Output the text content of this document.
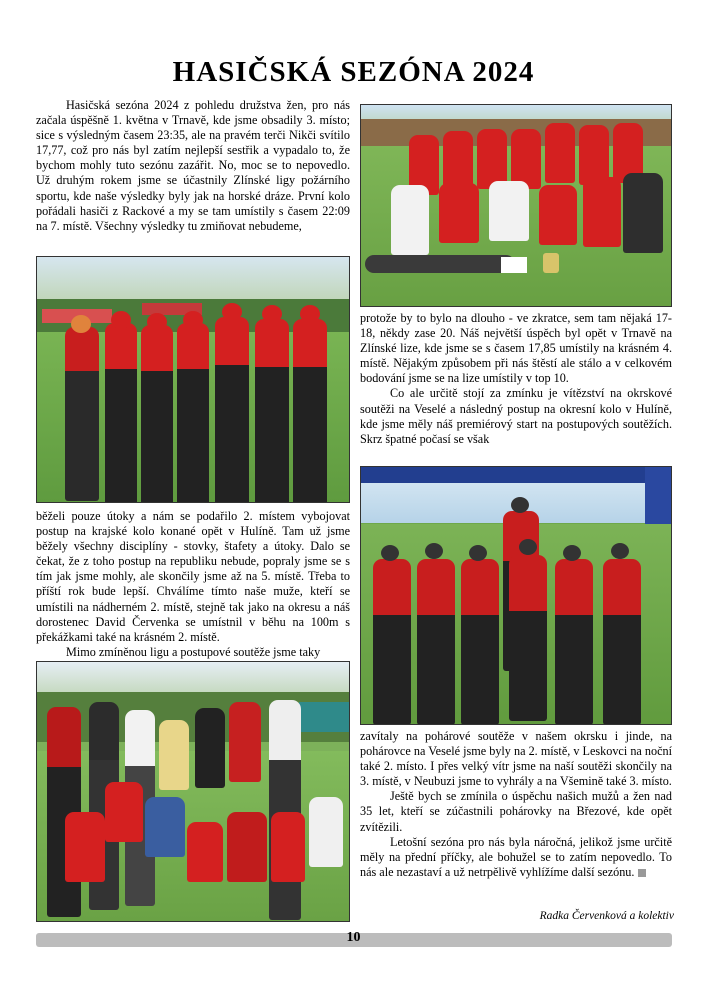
HASIČSKÁ SEZÓNA 2024

Hasičská sezóna 2024 z pohledu družstva žen, pro nás začala úspěšně 1. května v Trnavě, kde jsme obsadily 3. místo; sice s výsledným časem 23:35, ale na pravém terči Nikči svítilo 17,77, což pro nás byl zatím nejlepší sestřik a vypadalo to, že bychom mohly tuto sezónu zazářit. No, moc se to nepovedlo. Už druhým rokem jsme se účastnily Zlínské ligy požárního sportu, kde naše výsledky byly jak na horské dráze. První kolo pořádali hasiči z Rackové a my se tam umístily s časem 22:09 na 7. místě. Všechny výsledky tu zmiňovat nebudeme,

běželi pouze útoky a nám se podařilo 2. místem vybojovat postup na krajské kolo konané opět v Hulíně. Tam už jsme běžely všechny disciplíny - stovky, štafety a útoky. Dalo se čekat, že z toho postup na republiku nebude, popraly jsme se s tím jak jsme mohly, ale skončily jsme až na 5. místě. Třeba to příští rok bude lepší. Chválíme tímto naše muže, kteří se umístili na nádherném 2. místě, stejně tak jako na okresu a náš dorostenec David Červenka se umístnil v běhu na 100m s překážkami také na krásném 2. místě.

Mimo zmíněnou ligu a postupové soutěže jsme taky

protože by to bylo na dlouho - ve zkratce, sem tam nějaká 17-18, někdy zase 20. Náš největší úspěch byl opět v Trnavě na Zlínské lize, kde jsme se s časem 17,85 umístily na krásném 4. místě. Nějakým způsobem při nás štěstí ale stálo a v celkovém bodování jsme se na lize umístily v top 10.

Co ale určitě stojí za zmínku je vítězství na okrskové soutěži na Veselé a následný postup na okresní kolo v Hulíně, kde jsme měly náš premiérový start na postupových soutěžích. Skrz špatné počasí se však

zavítaly na pohárové soutěže v našem okrsku i jinde, na pohárovce na Veselé jsme byly na 2. místě, v Leskovci na noční také 2. místo. I přes velký vítr jsme na naší soutěži skončily na 3. místě, v Neubuzi jsme to vyhrály a na Všemině také 3. místo.

Ještě bych se zmínila o úspěchu našich mužů a žen nad 35 let, kteří se zúčastnili pohárovky na Březové, kde opět zvítězili.

Letošní sezóna pro nás byla náročná, jelikož jsme určitě měly na přední příčky, ale bohužel se to zatím nepovedlo. To nás ale nezastaví a už netrpělivě vyhlížíme další sezónu.

Radka Červenková a kolektiv

10
